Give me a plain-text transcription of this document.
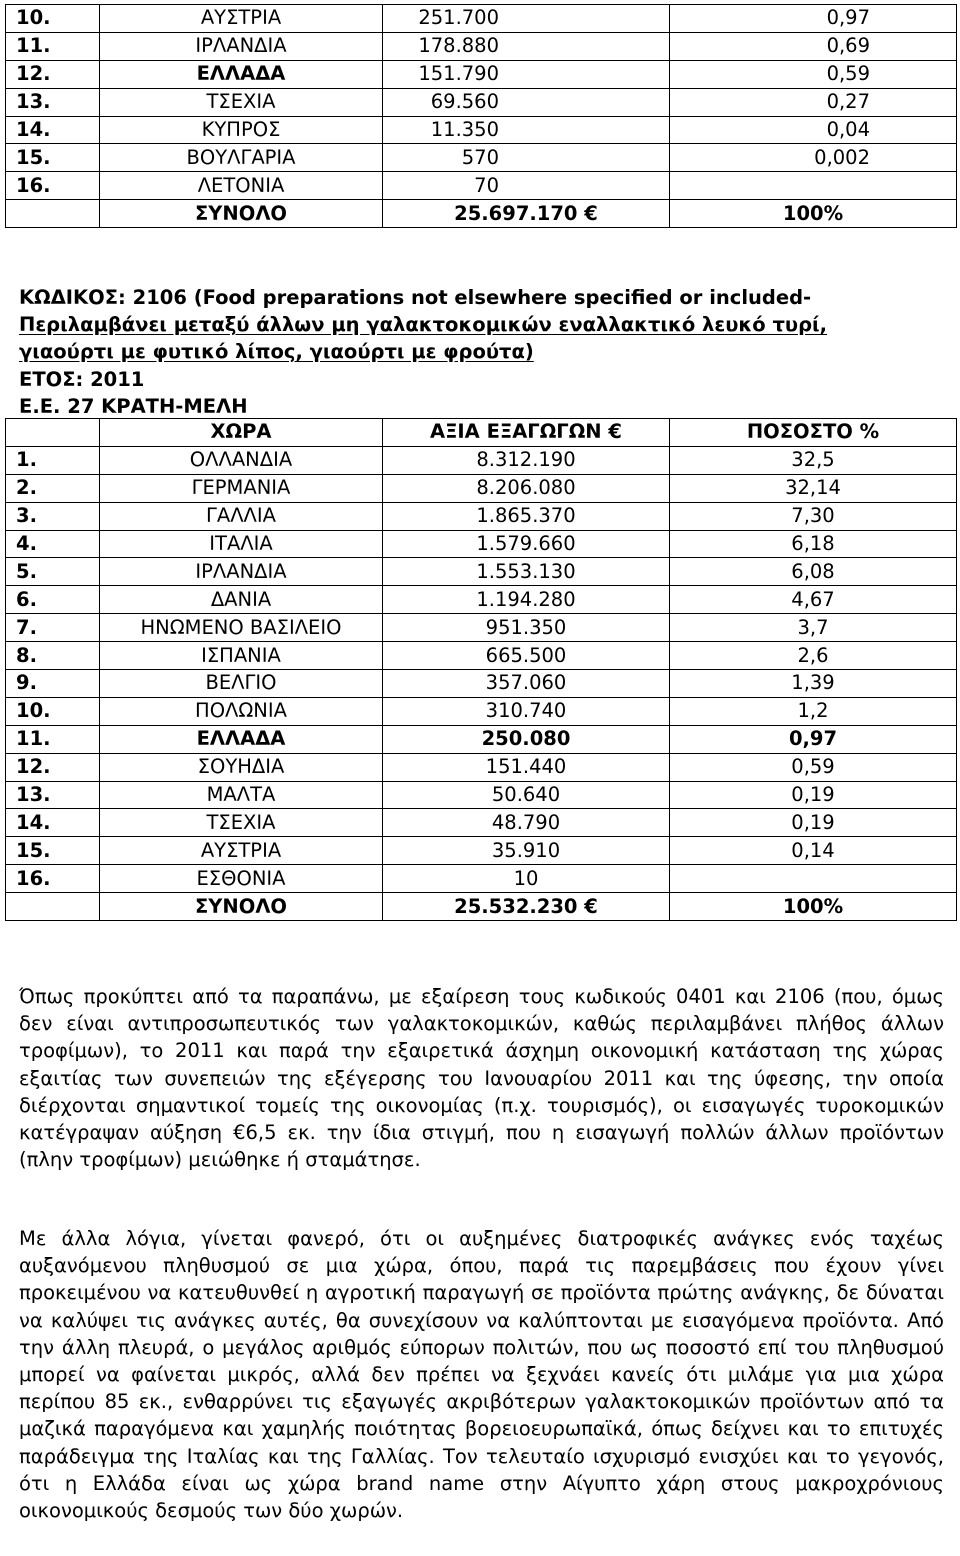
10.	ΑΥΣΤΡΙΑ	251.700	0,97
11.	ΙΡΛΑΝΔΙΑ	178.880	0,69
12.	ΕΛΛΑΔΑ	151.790	0,59
13.	ΤΣΕΧΙΑ	69.560	0,27
14.	ΚΥΠΡΟΣ	11.350	0,04
15.	ΒΟΥΛΓΑΡΙΑ	570	0,002
16.	ΛΕΤΟΝΙΑ	70	
	ΣΥΝΟΛΟ	25.697.170 €	100%
ΚΩΔΙΚΟΣ: 2106 (Food preparations not elsewhere specified or included-
Περιλαμβάνει μεταξύ άλλων μη γαλακτοκομικών εναλλακτικό λευκό τυρί,
γιαούρτι με φυτικό λίπος, γιαούρτι με φρούτα)
ΕΤΟΣ: 2011
Ε.Ε. 27 ΚΡΑΤΗ-ΜΕΛΗ
	ΧΩΡΑ	ΑΞΙΑ ΕΞΑΓΩΓΩΝ €	ΠΟΣΟΣΤΟ %
1.	ΟΛΛΑΝΔΙΑ	8.312.190	32,5
2.	ΓΕΡΜΑΝΙΑ	8.206.080	32,14
3.	ΓΑΛΛΙΑ	1.865.370	7,30
4.	ΙΤΑΛΙΑ	1.579.660	6,18
5.	ΙΡΛΑΝΔΙΑ	1.553.130	6,08
6.	ΔΑΝΙΑ	1.194.280	4,67
7.	ΗΝΩΜΕΝΟ ΒΑΣΙΛΕΙΟ	951.350	3,7
8.	ΙΣΠΑΝΙΑ	665.500	2,6
9.	ΒΕΛΓΙΟ	357.060	1,39
10.	ΠΟΛΩΝΙΑ	310.740	1,2
11.	ΕΛΛΑΔΑ	250.080	0,97
12.	ΣΟΥΗΔΙΑ	151.440	0,59
13.	ΜΑΛΤΑ	50.640	0,19
14.	ΤΣΕΧΙΑ	48.790	0,19
15.	ΑΥΣΤΡΙΑ	35.910	0,14
16.	ΕΣΘΟΝΙΑ	10	
	ΣΥΝΟΛΟ	25.532.230 €	100%

Όπως προκύπτει από τα παραπάνω, με εξαίρεση τους κωδικούς 0401 και 2106 (που, όμως δεν είναι αντιπροσωπευτικός των γαλακτοκομικών, καθώς περιλαμβάνει πλήθος άλλων τροφίμων), το 2011 και παρά την εξαιρετικά άσχημη οικονομική κατάσταση της χώρας εξαιτίας των συνεπειών της εξέγερσης του Ιανουαρίου 2011 και της ύφεσης, την οποία διέρχονται σημαντικοί τομείς της οικονομίας (π.χ. τουρισμός), οι εισαγωγές τυροκομικών κατέγραψαν αύξηση €6,5 εκ. την ίδια στιγμή, που η εισαγωγή πολλών άλλων προϊόντων (πλην τροφίμων) μειώθηκε ή σταμάτησε.

Με άλλα λόγια, γίνεται φανερό, ότι οι αυξημένες διατροφικές ανάγκες ενός ταχέως αυξανόμενου πληθυσμού σε μια χώρα, όπου, παρά τις παρεμβάσεις που έχουν γίνει προκειμένου να κατευθυνθεί η αγροτική παραγωγή σε προϊόντα πρώτης ανάγκης, δε δύναται να καλύψει τις ανάγκες αυτές, θα συνεχίσουν να καλύπτονται με εισαγόμενα προϊόντα. Από την άλλη πλευρά, ο μεγάλος αριθμός εύπορων πολιτών, που ως ποσοστό επί του πληθυσμού μπορεί να φαίνεται μικρός, αλλά δεν πρέπει να ξεχνάει κανείς ότι μιλάμε για μια χώρα περίπου 85 εκ., ενθαρρύνει τις εξαγωγές ακριβότερων γαλακτοκομικών προϊόντων από τα μαζικά παραγόμενα και χαμηλής ποιότητας βορειοευρωπαϊκά, όπως δείχνει και το επιτυχές παράδειγμα της Ιταλίας και της Γαλλίας. Τον τελευταίο ισχυρισμό ενισχύει και το γεγονός, ότι η Ελλάδα είναι ως χώρα brand name στην Αίγυπτο χάρη στους μακροχρόνιους οικονομικούς δεσμούς των δύο χωρών.
